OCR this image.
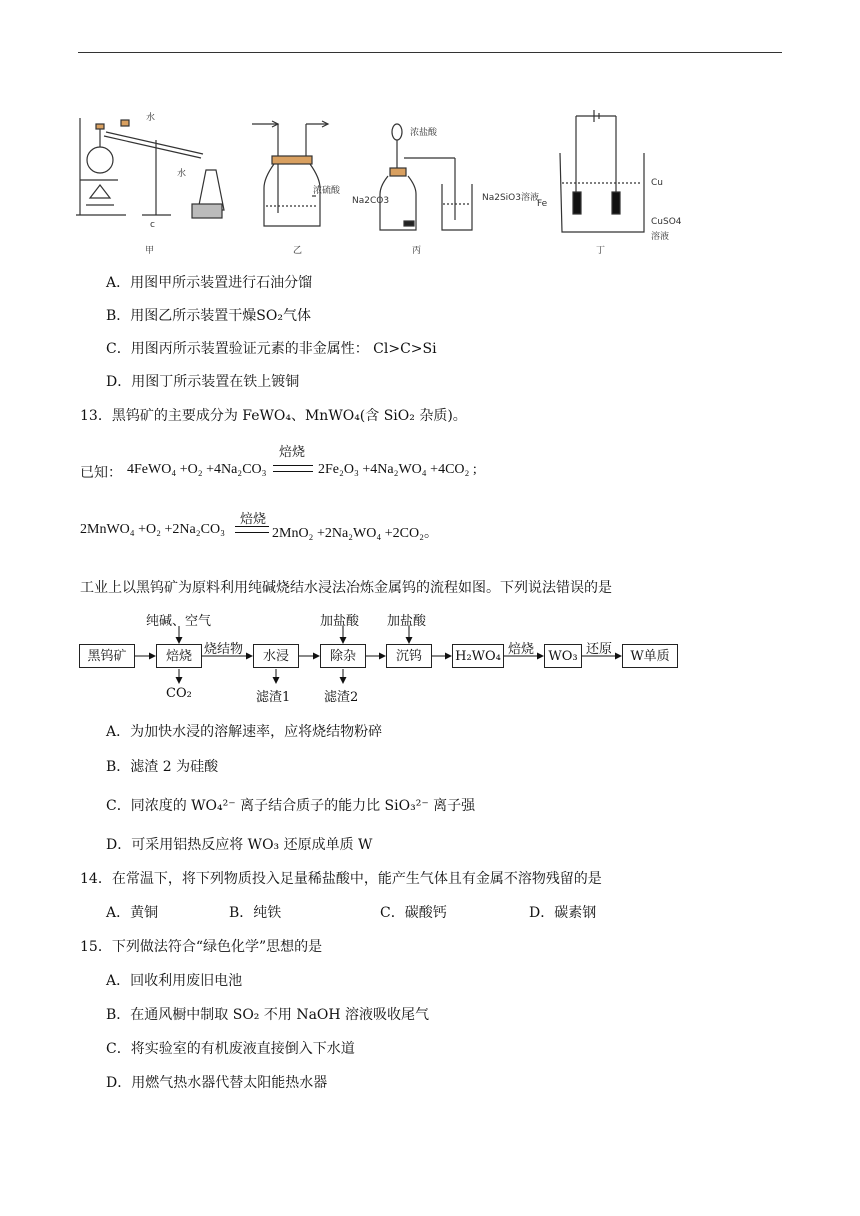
水
水
c
甲
浓硫酸
乙
浓盐酸
Na2CO3	Na2SiO3溶液
丙
Fe
Cu
CuSO4
溶液
丁
A．用图甲所示装置进行石油分馏
B．用图乙所示装置干燥SO₂气体
C．用图丙所示装置验证元素的非金属性： Cl>C>Si
D．用图丁所示装置在铁上镀铜
13．黑钨矿的主要成分为 FeWO₄、MnWO₄(含 SiO₂ 杂质)。
已知： 4FeWO₄ +O₂ +4Na₂CO₃
焙烧
2Fe₂O₃ +4Na₂WO₄ +4CO₂ ;
2MnWO₄ +O₂ +2Na₂CO₃
焙烧
2MnO₂ +2Na₂WO₄ +2CO₂。
工业上以黑钨矿为原料利用纯碱烧结水浸法冶炼金属钨的流程如图。下列说法错误的是
黑钨矿	焙烧	水浸	除杂	沉钨	H₂WO₄	WO₃	W单质
纯碱、空气	加盐酸 加盐酸
烧结物	焙烧	还原
CO₂	滤渣1	滤渣2
A．为加快水浸的溶解速率，应将烧结物粉碎
B．滤渣 2 为硅酸
C．同浓度的 WO₄²⁻ 离子结合质子的能力比 SiO₃²⁻ 离子强
D．可采用铝热反应将 WO₃ 还原成单质 W
14．在常温下，将下列物质投入足量稀盐酸中，能产生气体且有金属不溶物残留的是
A．黄铜	B．纯铁	C．碳酸钙	D．碳素钢
15．下列做法符合“绿色化学”思想的是
A．回收利用废旧电池
B．在通风橱中制取 SO₂ 不用 NaOH 溶液吸收尾气
C．将实验室的有机废液直接倒入下水道
D．用燃气热水器代替太阳能热水器
